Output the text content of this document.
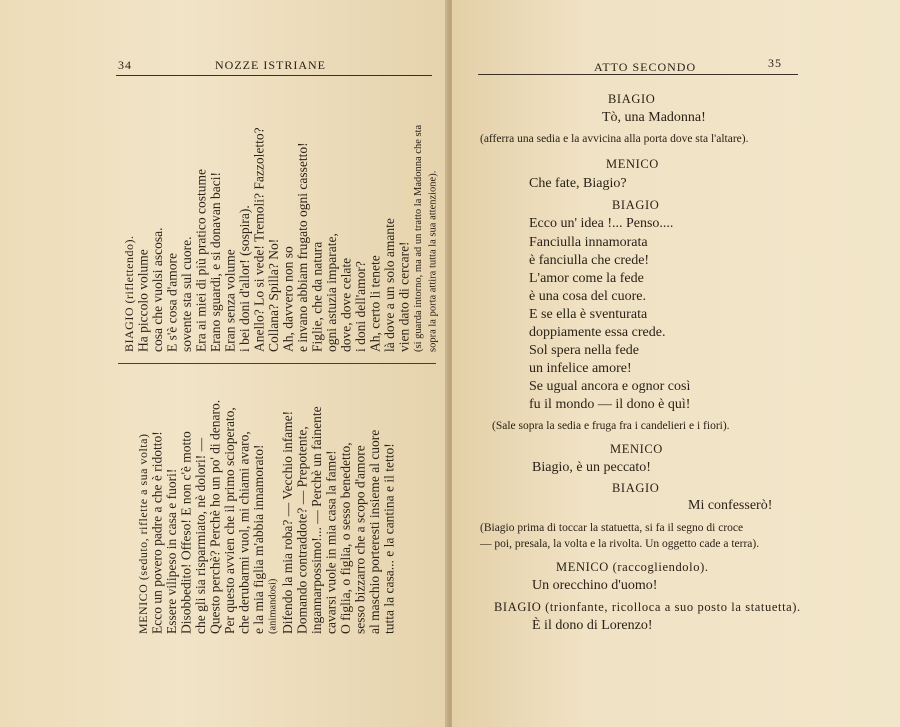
34	NOZZE ISTRIANE
BIAGIO (riflettendo). Ha piccolo volume cosa che vuolsi ascosa. E s'è cosa d'amore sovente sta sul cuore. Era ai miei di più pratico costume Erano sguardi, e si donavan baci! Eran senza volume i bei doni d'allor! (sospira). Anello? Lo si vede! Tremoli? Fazzoletto? Collana? Spilla? No! Ah, davvero non so e invano abbiam frugato ogni cassetto! Figlie, che da natura ogni astuzia imparate, dove, dove celate i doni dell'amor? Ah, certo li tenete là dove a un solo amante vien dato di cercare! (si guarda intorno, ma ad un tratto la Madonna che sta sopra la porta attira tutta la sua attenzione).
MENICO (seduto, riflette a sua volta) Ecco un povero padre a che è ridotto! Essere vilipeso in casa e fuori! Disobbedito! Offeso! E non c'è motto che gli sia risparmiato, nè dolori! — Questo perchè? Perchè ho un po' di denaro. Per questo avvien che il primo scioperato, che derubarmi vuol, mi chiami avaro, e la mia figlia m'abbia innamorato! (animandosi) Difendo la mia roba? — Vecchio infame! Domando contraddote? — Prepotente, ingannarpossimo!... — Perchè un fainente cavarsi vuole in mia casa la fame! O figlia, o figlia, o sesso benedetto, sesso bizzarro che a scopo d'amore al maschio porteresti insieme al cuore tutta la casa... e la cantina e il tetto!
ATTO SECONDO	35
BIAGIO
Tò, una Madonna!
(afferra una sedia e la avvicina alla porta dove sta l'altare).
MENICO
Che fate, Biagio?
BIAGIO
Ecco un' idea !... Penso....
Fanciulla innamorata
è fanciulla che crede!
L'amor come la fede
è una cosa del cuore.
E se ella è sventurata
doppiamente essa crede.
Sol spera nella fede
un infelice amore!
Se ugual ancora e ognor così
fu il mondo — il dono è quì!
(Sale sopra la sedia e fruga fra i candelieri e i fiori).
MENICO
Biagio, è un peccato!
BIAGIO
Mi confesserò!
(Biagio prima di toccar la statuetta, si fa il segno di croce
— poi, presala, la volta e la rivolta. Un oggetto cade a terra).
MENICO (raccogliendolo).
Un orecchino d'uomo!
BIAGIO (trionfante, ricolloca a suo posto la statuetta).
È il dono di Lorenzo!
